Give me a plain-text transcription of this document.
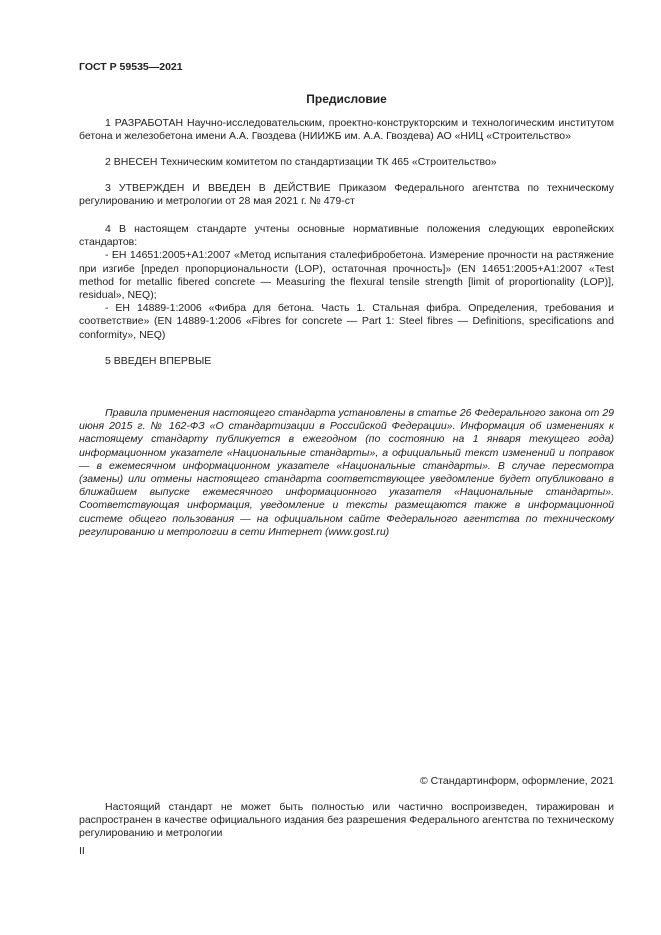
ГОСТ Р 59535—2021
Предисловие

1 РАЗРАБОТАН Научно-исследовательским, проектно-конструкторским и технологическим институтом бетона и железобетона имени А.А. Гвоздева (НИИЖБ им. А.А. Гвоздева) АО «НИЦ «Строительство»

2 ВНЕСЕН Техническим комитетом по стандартизации ТК 465 «Строительство»

3 УТВЕРЖДЕН И ВВЕДЕН В ДЕЙСТВИЕ Приказом Федерального агентства по техническому регулированию и метрологии от 28 мая 2021 г. № 479-ст

4 В настоящем стандарте учтены основные нормативные положения следующих европейских стандартов:

- ЕН 14651:2005+А1:2007 «Метод испытания сталефибробетона. Измерение прочности на растяжение при изгибе [предел пропорциональности (LOP), остаточная прочность]» (EN 14651:2005+A1:2007 «Test method for metallic fibered concrete — Measuring the flexural tensile strength [limit of proportionality (LOP)], residual», NEQ);

- ЕН 14889-1:2006 «Фибра для бетона. Часть 1. Стальная фибра. Определения, требования и соответствие» (EN 14889-1:2006 «Fibres for concrete — Part 1: Steel fibres — Definitions, specifications and conformity», NEQ)

5 ВВЕДЕН ВПЕРВЫЕ

Правила применения настоящего стандарта установлены в статье 26 Федерального закона от 29 июня 2015 г. № 162-ФЗ «О стандартизации в Российской Федерации». Информация об изменениях к настоящему стандарту публикуется в ежегодном (по состоянию на 1 января текущего года) информационном указателе «Национальные стандарты», а официальный текст изменений и поправок — в ежемесячном информационном указателе «Национальные стандарты». В случае пересмотра (замены) или отмены настоящего стандарта соответствующее уведомление будет опубликовано в ближайшем выпуске ежемесячного информационного указателя «Национальные стандарты». Соответствующая информация, уведомление и тексты размещаются также в информационной системе общего пользования — на официальном сайте Федерального агентства по техническому регулированию и метрологии в сети Интернет (www.gost.ru)

© Стандартинформ, оформление, 2021

Настоящий стандарт не может быть полностью или частично воспроизведен, тиражирован и распространен в качестве официального издания без разрешения Федерального агентства по техническому регулированию и метрологии

II
